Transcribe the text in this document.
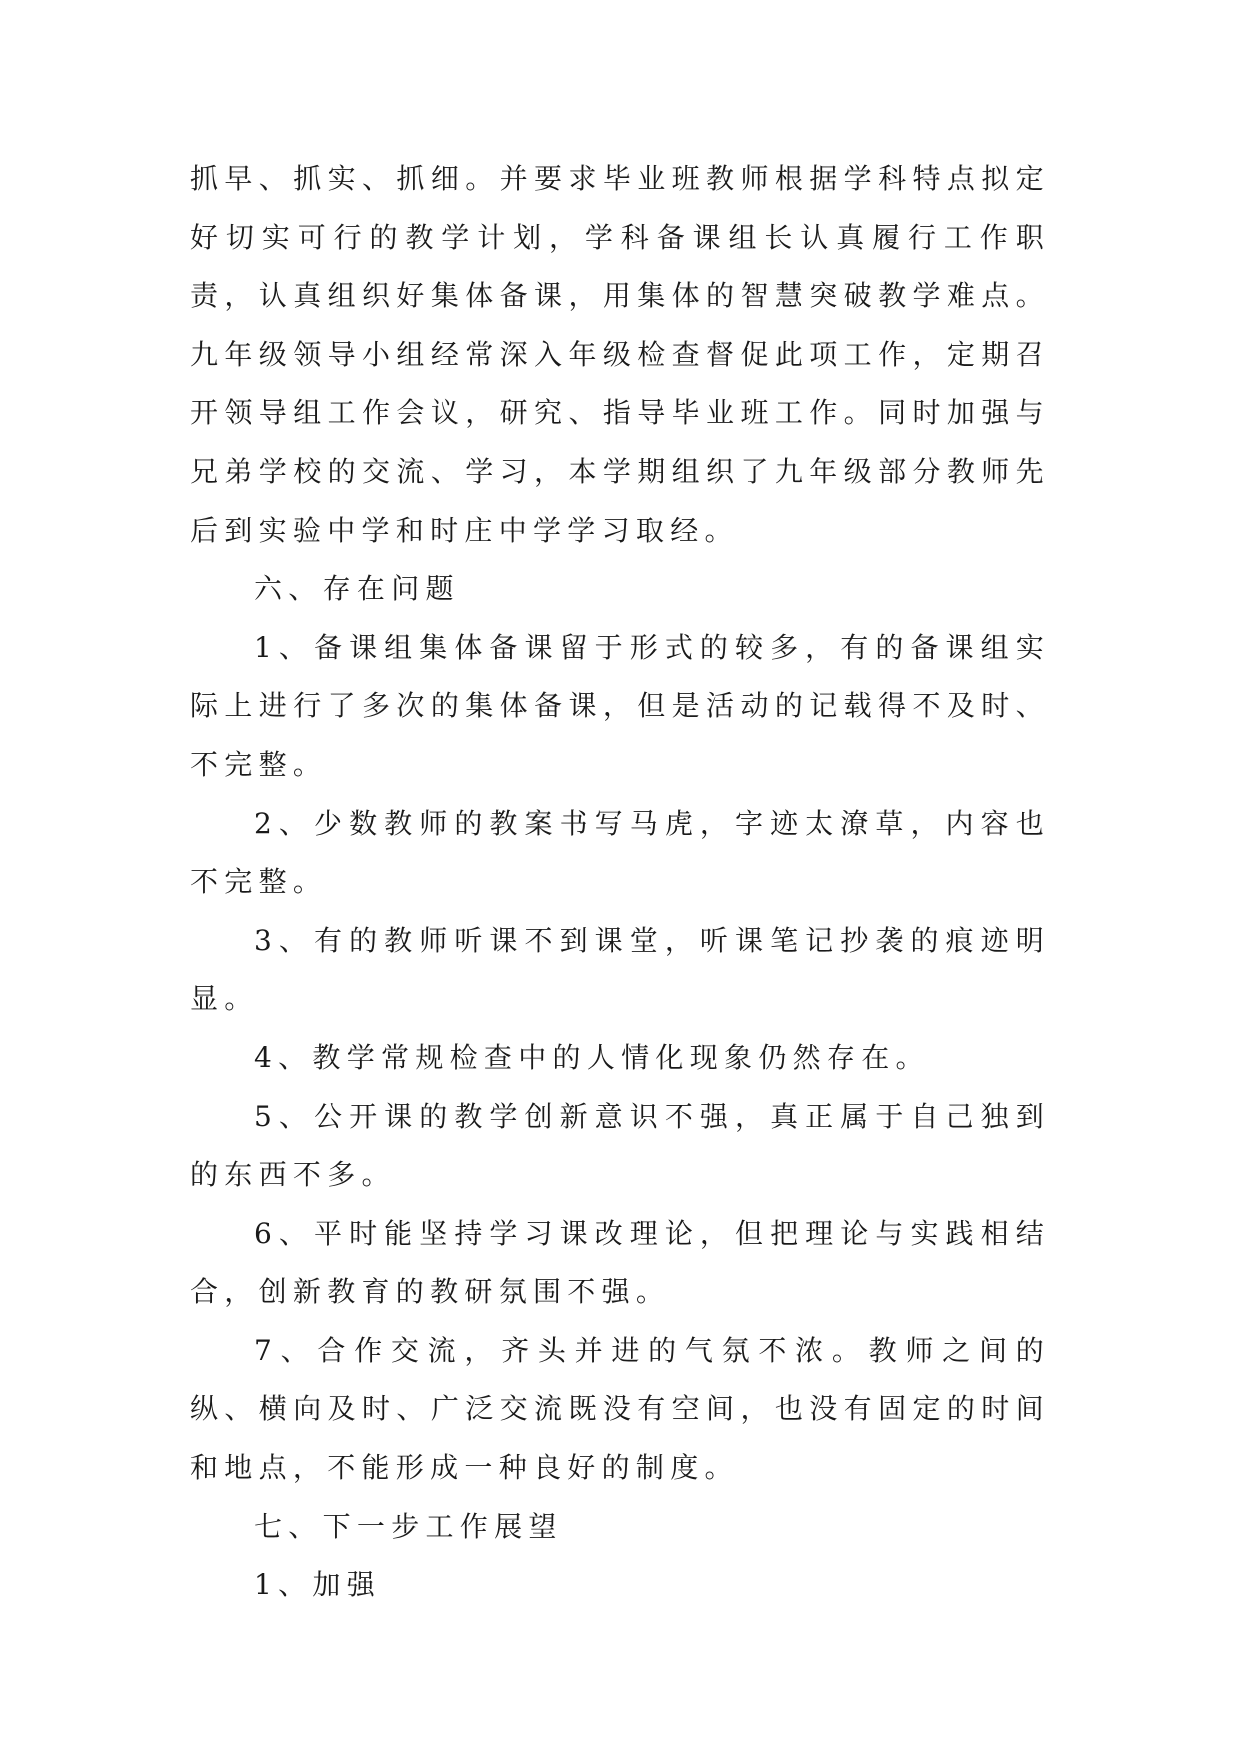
抓早、抓实、抓细。并要求毕业班教师根据学科特点拟定好切实可行的教学计划，学科备课组长认真履行工作职责，认真组织好集体备课，用集体的智慧突破教学难点。九年级领导小组经常深入年级检查督促此项工作，定期召开领导组工作会议，研究、指导毕业班工作。同时加强与兄弟学校的交流、学习，本学期组织了九年级部分教师先后到实验中学和时庄中学学习取经。

六、存在问题

1、备课组集体备课留于形式的较多，有的备课组实际上进行了多次的集体备课，但是活动的记载得不及时、不完整。

2、少数教师的教案书写马虎，字迹太潦草，内容也不完整。

3、有的教师听课不到课堂，听课笔记抄袭的痕迹明显。

4、教学常规检查中的人情化现象仍然存在。

5、公开课的教学创新意识不强，真正属于自己独到的东西不多。

6、平时能坚持学习课改理论，但把理论与实践相结合，创新教育的教研氛围不强。

7、合作交流，齐头并进的气氛不浓。教师之间的纵、横向及时、广泛交流既没有空间，也没有固定的时间和地点，不能形成一种良好的制度。

七、下一步工作展望

1、加强
